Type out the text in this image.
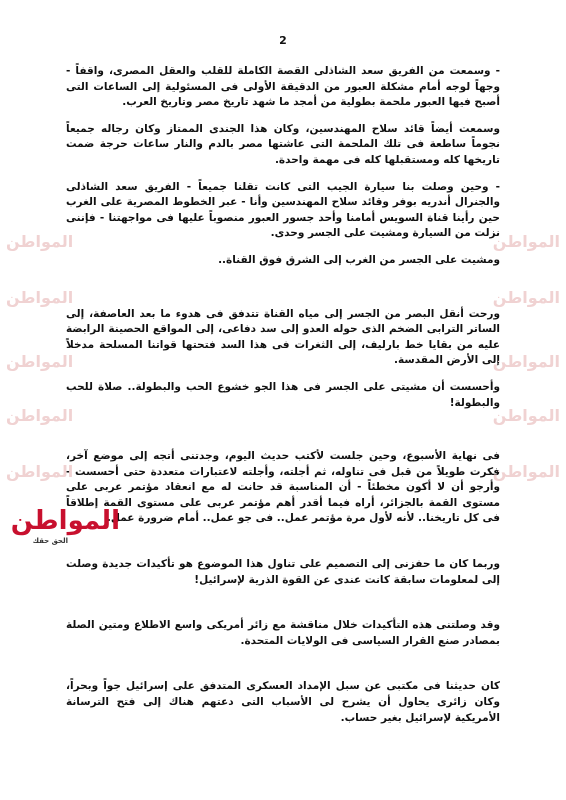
2

- وسمعت من الفريق سعد الشاذلى القصة الكاملة للقلب والعقل المصرى، واقفاً - وجهاً لوجه أمام مشكلة العبور من الدقيقة الأولى فى المسئولية إلى الساعات التى أصبح فيها العبور ملحمة بطولية من أمجد ما شهد تاريخ مصر وتاريخ العرب.

وسمعت أيضاً قائد سلاح المهندسين، وكان هذا الجندى الممتاز وكان رجاله جميعاً نجوماً ساطعة فى تلك الملحمة التى عاشتها مصر بالدم والنار ساعات حرجة ضمت تاريخها كله ومستقبلها كله فى مهمة واحدة.

- وحين وصلت بنا سيارة الجيب التى كانت تقلنا جميعاً - الفريق سعد الشاذلى والجنرال أندريه بوفر وقائد سلاح المهندسين وأنا - عبر الخطوط المصرية على الغرب حين رأينا قناة السويس أمامنا وأحد جسور العبور منصوباً عليها فى مواجهتنا - فإننى نزلت من السيارة ومشيت على الجسر وحدى.

ومشيت على الجسر من الغرب إلى الشرق فوق القناة..

ورحت أنقل البصر من الجسر إلى مياه القناة تتدفق فى هدوء ما بعد العاصفة، إلى الساتر الترابى الضخم الذى حوله العدو إلى سد دفاعى، إلى المواقع الحصينة الرابضة عليه من بقايا خط بارليف، إلى الثغرات فى هذا السد فتحتها قواتنا المسلحة مدخلاً إلى الأرض المقدسة.

وأحسست أن مشيتى على الجسر فى هذا الجو خشوع الحب والبطولة.. صلاة للحب والبطولة!

فى نهاية الأسبوع، وحين جلست لأكتب حديث اليوم، وجدتنى أتجه إلى موضع آخر، فكرت طويلاً من قبل فى تناوله، ثم أجلته، وأجلته لاعتبارات متعددة حتى أحسست - وأرجو أن لا أكون مخطئاً - أن المناسبة قد حانت له مع انعقاد مؤتمر عربى على مستوى القمة بالجزائر، أراه فيما أقدر أهم مؤتمر عربى على مستوى القمة إطلاقاً فى كل تاريخنا.. لأنه لأول مرة مؤتمر عمل.. فى جو عمل.. أمام ضرورة عمل.

وربما كان ما حفزنى إلى التصميم على تناول هذا الموضوع هو تأكيدات جديدة وصلت إلى لمعلومات سابقة كانت عندى عن القوة الذرية لإسرائيل!

وقد وصلتنى هذه التأكيدات خلال مناقشة مع زائر أمريكى واسع الاطلاع ومتين الصلة بمصادر صنع القرار السياسى فى الولايات المتحدة.

كان حديثنا فى مكتبى عن سبل الإمداد العسكرى المتدفق على إسرائيل جواً وبحراً، وكان زائرى يحاول أن يشرح لى الأسباب التى دعتهم هناك إلى فتح الترسانة الأمريكية لإسرائيل بغير حساب.

المواطن	المواطن
المواطن	المواطن
المواطن	المواطن
المواطن	المواطن
المواطن	المواطن
المواطن
الحق حقك
